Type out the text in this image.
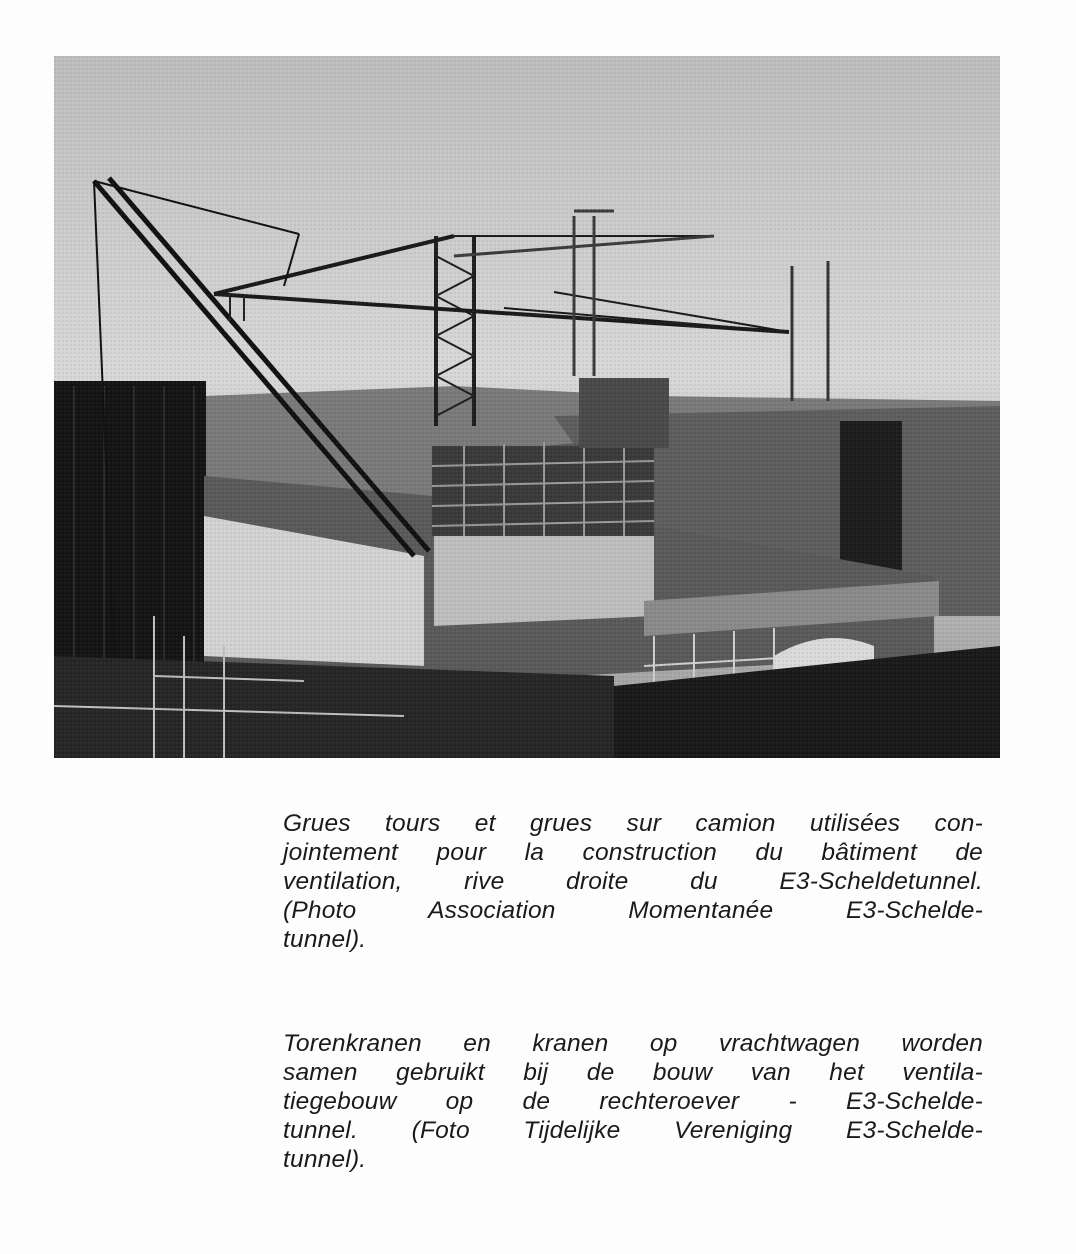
Grues tours et grues sur camion utilisées con-
jointement pour la construction du bâtiment de
ventilation, rive droite du E3-Scheldetunnel.
(Photo Association Momentanée E3-Schelde-
tunnel).
Torenkranen en kranen op vrachtwagen worden
samen gebruikt bij de bouw van het ventila-
tiegebouw op de rechteroever - E3-Schelde-
tunnel. (Foto Tijdelijke Vereniging E3-Schelde-
tunnel).
